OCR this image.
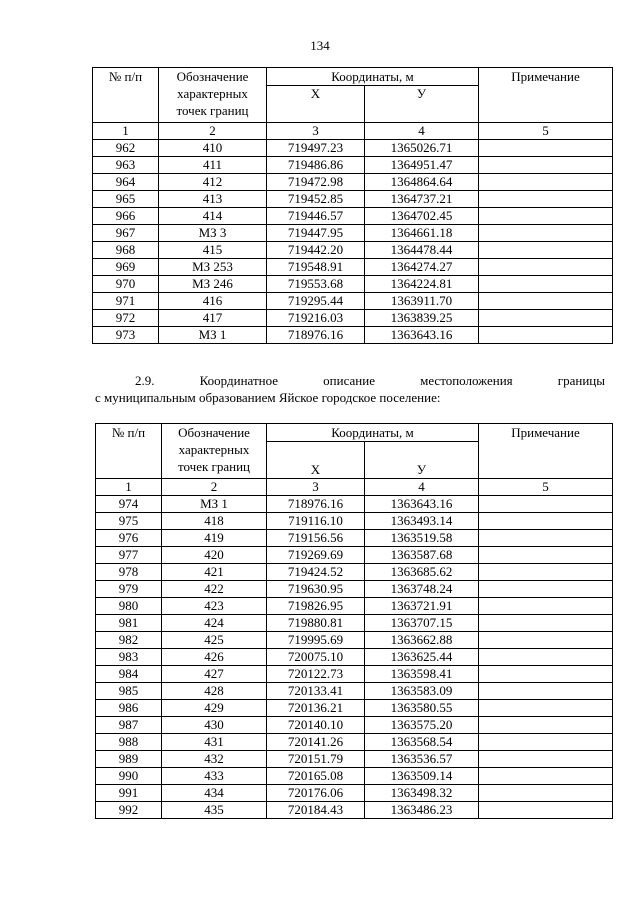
134
№ п/п	Обозначение характерных точек границ	Координаты, м		Примечание
		Х	У	
1	2	3	4	5
962	410	719497.23	1365026.71	
963	411	719486.86	1364951.47	
964	412	719472.98	1364864.64	
965	413	719452.85	1364737.21	
966	414	719446.57	1364702.45	
967	МЗ 3	719447.95	1364661.18	
968	415	719442.20	1364478.44	
969	МЗ 253	719548.91	1364274.27	
970	МЗ 246	719553.68	1364224.81	
971	416	719295.44	1363911.70	
972	417	719216.03	1363839.25	
973	МЗ 1	718976.16	1363643.16	
2.9.	Координатное	описание	местоположения	границы
с муниципальным образованием Яйское городское поселение:
№ п/п	Обозначение характерных точек границ	Координаты, м		Примечание
		Х	У	
1	2	3	4	5
974	МЗ 1	718976.16	1363643.16	
975	418	719116.10	1363493.14	
976	419	719156.56	1363519.58	
977	420	719269.69	1363587.68	
978	421	719424.52	1363685.62	
979	422	719630.95	1363748.24	
980	423	719826.95	1363721.91	
981	424	719880.81	1363707.15	
982	425	719995.69	1363662.88	
983	426	720075.10	1363625.44	
984	427	720122.73	1363598.41	
985	428	720133.41	1363583.09	
986	429	720136.21	1363580.55	
987	430	720140.10	1363575.20	
988	431	720141.26	1363568.54	
989	432	720151.79	1363536.57	
990	433	720165.08	1363509.14	
991	434	720176.06	1363498.32	
992	435	720184.43	1363486.23	
